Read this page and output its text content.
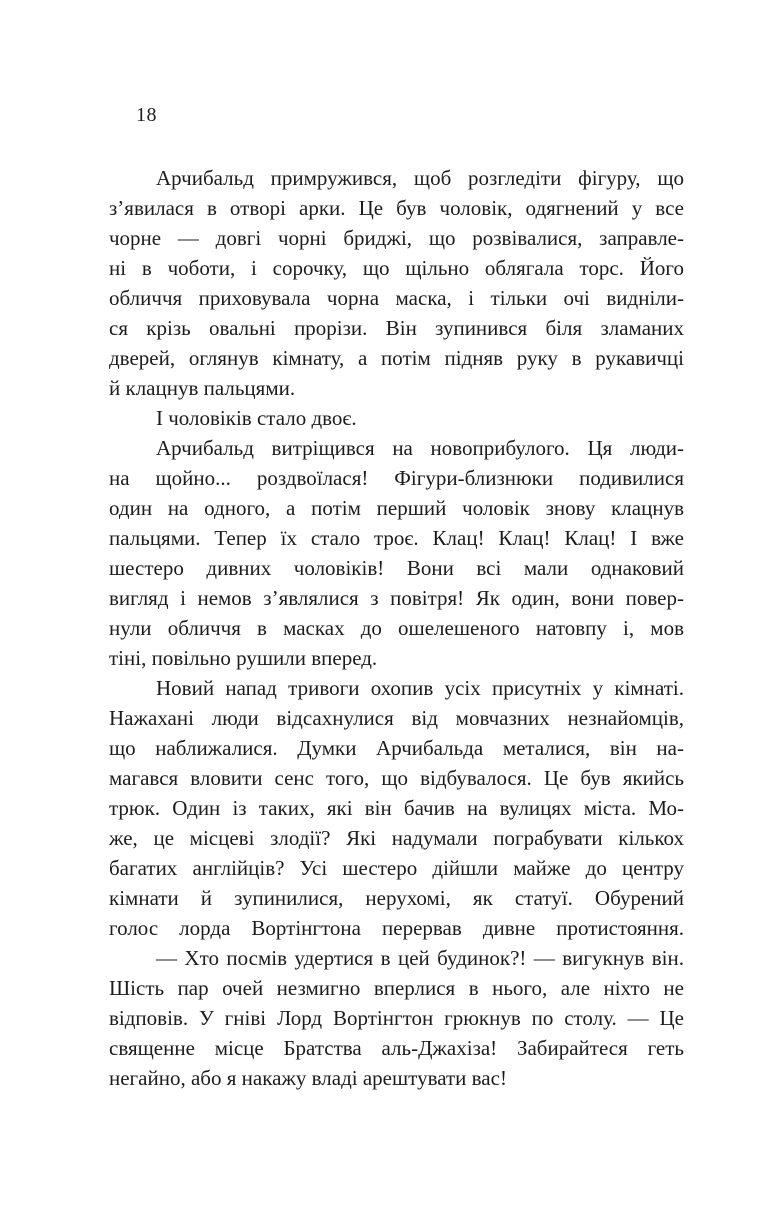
18
Арчибальд примружився, щоб розгледіти фігуру, що
з’явилася в отворі арки. Це був чоловік, одягнений у все
чорне — довгі чорні бриджі, що розвівалися, заправле-
ні в чоботи, і сорочку, що щільно облягала торс. Його
обличчя приховувала чорна маска, і тільки очі видніли-
ся крізь овальні прорізи. Він зупинився біля зламаних
дверей, оглянув кімнату, а потім підняв руку в рукавичці
й клацнув пальцями.
І чоловіків стало двоє.
Арчибальд витріщився на новоприбулого. Ця люди-
на щойно... роздвоїлася! Фігури-близнюки подивилися
один на одного, а потім перший чоловік знову клацнув
пальцями. Тепер їх стало троє. Клац! Клац! Клац! І вже
шестеро дивних чоловіків! Вони всі мали однаковий
вигляд і немов з’являлися з повітря! Як один, вони повер-
нули обличчя в масках до ошелешеного натовпу і, мов
тіні, повільно рушили вперед.
Новий напад тривоги охопив усіх присутніх у кімнаті.
Нажахані люди відсахнулися від мовчазних незнайомців,
що наближалися. Думки Арчибальда металися, він на-
магався вловити сенс того, що відбувалося. Це був якийсь
трюк. Один із таких, які він бачив на вулицях міста. Мо-
же, це місцеві злодії? Які надумали пограбувати кількох
багатих англійців? Усі шестеро дійшли майже до центру
кімнати й зупинилися, нерухомі, як статуї. Обурений
голос лорда Вортінгтона перервав дивне протистояння.
— Хто посмів удертися в цей будинок?! — вигукнув він.
Шість пар очей незмигно вперлися в нього, але ніхто не
відповів. У гніві Лорд Вортінгтон грюкнув по столу. — Це
священне місце Братства аль-Джахіза! Забирайтеся геть
негайно, або я накажу владі арештувати вас!
